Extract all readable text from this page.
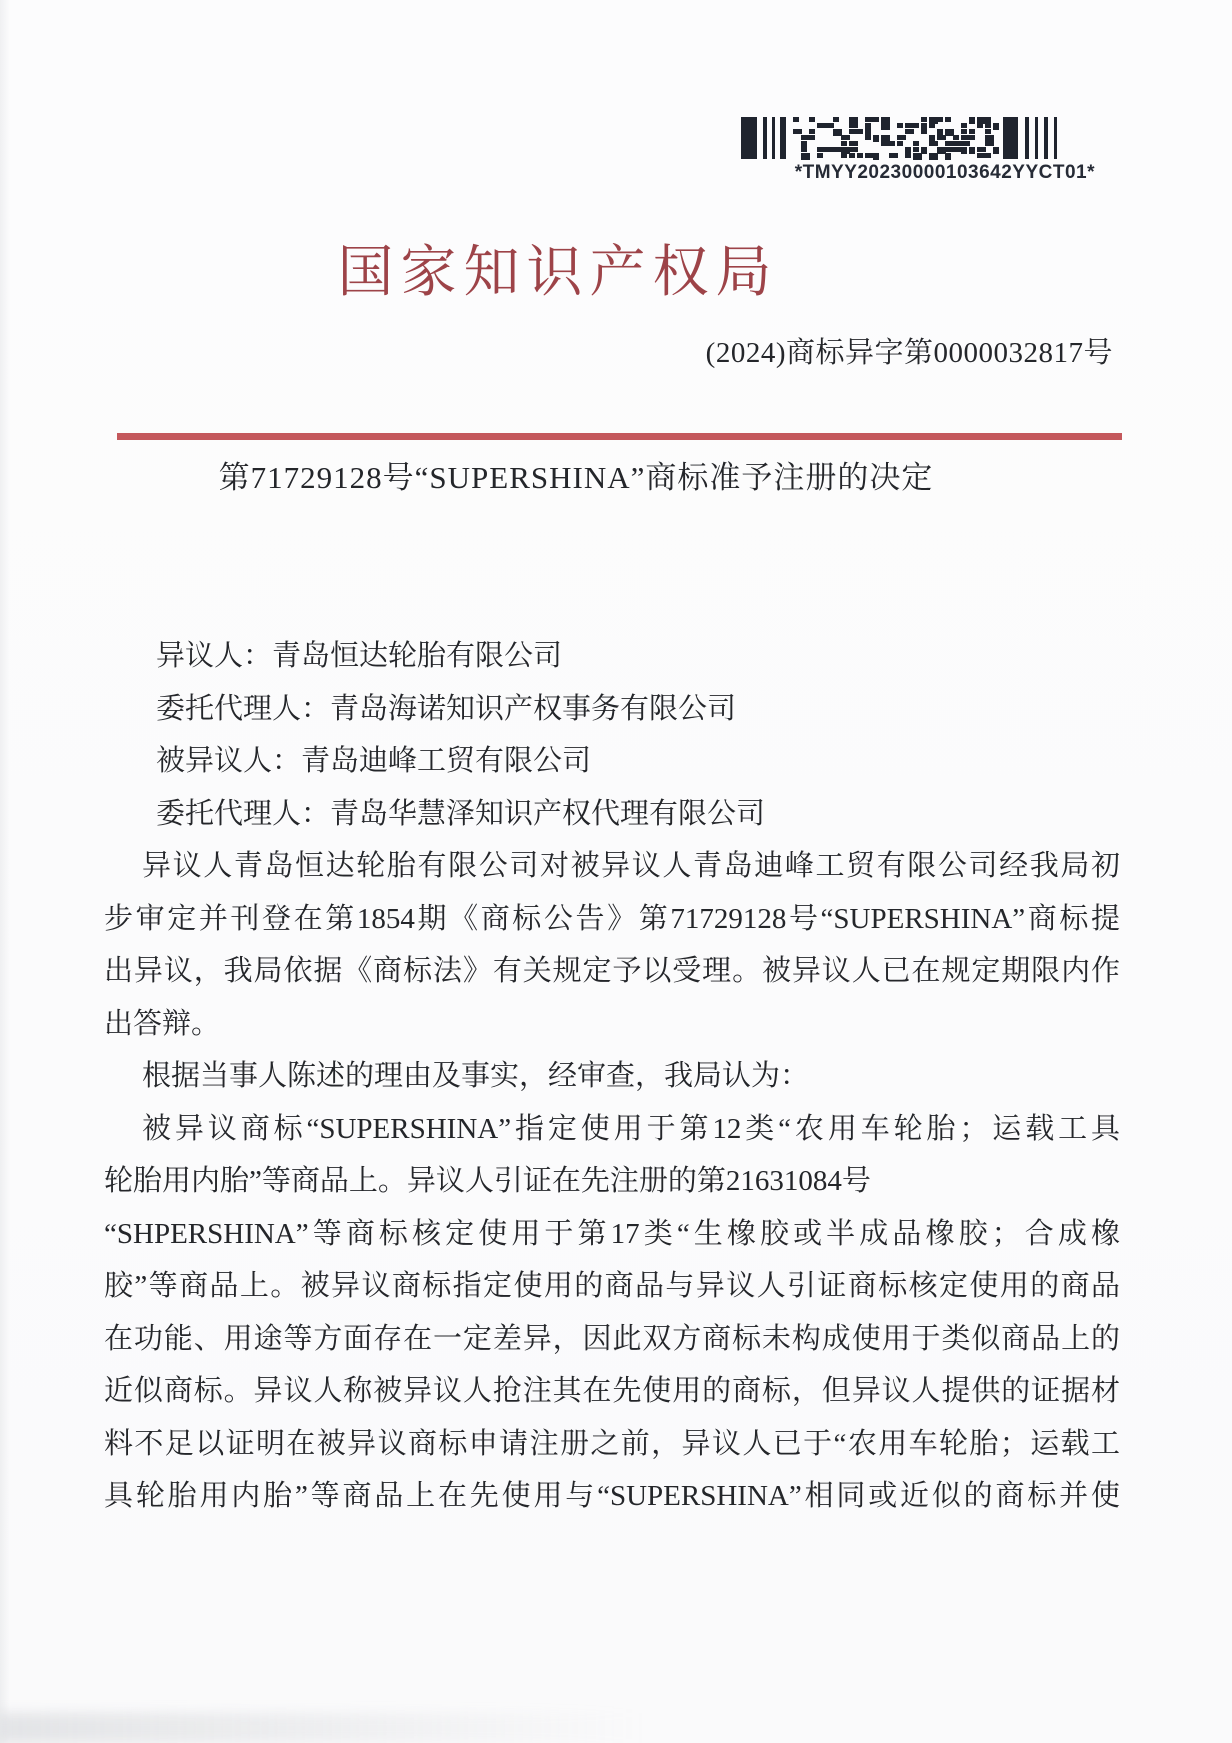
*TMYY20230000103642YYCT01*
国家知识产权局
(2024)商标异字第0000032817号
第71729128号“SUPERSHINA”商标准予注册的决定
异议人：青岛恒达轮胎有限公司
委托代理人：青岛海诺知识产权事务有限公司
被异议人：青岛迪峰工贸有限公司
委托代理人：青岛华慧泽知识产权代理有限公司
异议人青岛恒达轮胎有限公司对被异议人青岛迪峰工贸有限公司经我局初
步审定并刊登在第1854期《商标公告》第71729128号“SUPERSHINA”商标提
出异议，我局依据《商标法》有关规定予以受理。被异议人已在规定期限内作
出答辩。
根据当事人陈述的理由及事实，经审查，我局认为：
被异议商标“SUPERSHINA”指定使用于第12类“农用车轮胎；运载工具
轮胎用内胎”等商品上。异议人引证在先注册的第21631084号
“SHPERSHINA”等商标核定使用于第17类“生橡胶或半成品橡胶；合成橡
胶”等商品上。被异议商标指定使用的商品与异议人引证商标核定使用的商品
在功能、用途等方面存在一定差异，因此双方商标未构成使用于类似商品上的
近似商标。异议人称被异议人抢注其在先使用的商标，但异议人提供的证据材
料不足以证明在被异议商标申请注册之前，异议人已于“农用车轮胎；运载工
具轮胎用内胎”等商品上在先使用与“SUPERSHINA”相同或近似的商标并使
